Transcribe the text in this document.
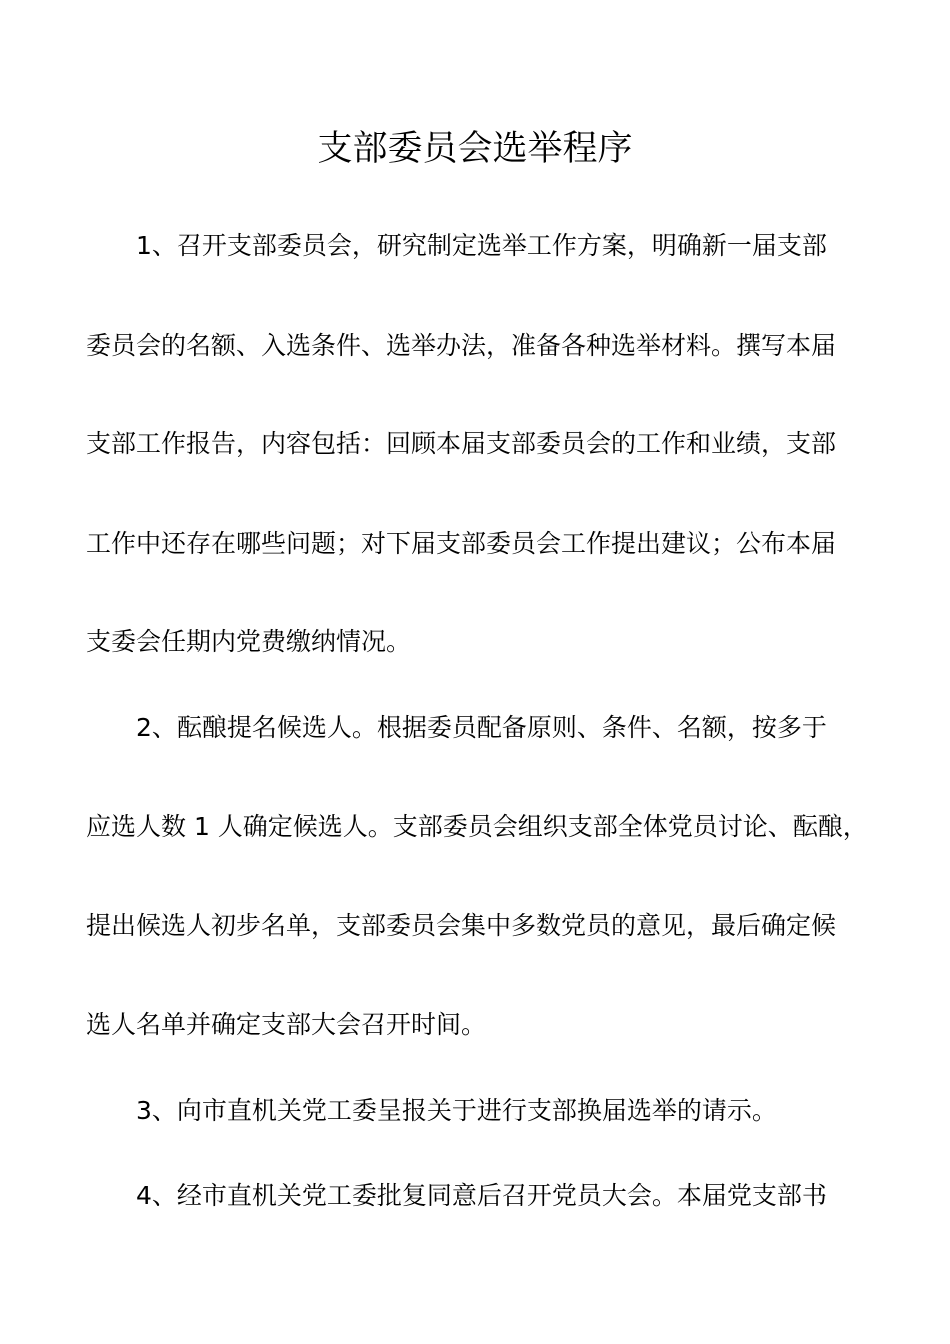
支部委员会选举程序
1、召开支部委员会，研究制定选举工作方案，明确新一届支部
委员会的名额、入选条件、选举办法，准备各种选举材料。撰写本届
支部工作报告，内容包括：回顾本届支部委员会的工作和业绩，支部
工作中还存在哪些问题；对下届支部委员会工作提出建议；公布本届
支委会任期内党费缴纳情况。
2、酝酿提名候选人。根据委员配备原则、条件、名额，按多于
应选人数 1 人确定候选人。支部委员会组织支部全体党员讨论、酝酿，
提出候选人初步名单，支部委员会集中多数党员的意见，最后确定候
选人名单并确定支部大会召开时间。
3、向市直机关党工委呈报关于进行支部换届选举的请示。
4、经市直机关党工委批复同意后召开党员大会。本届党支部书
